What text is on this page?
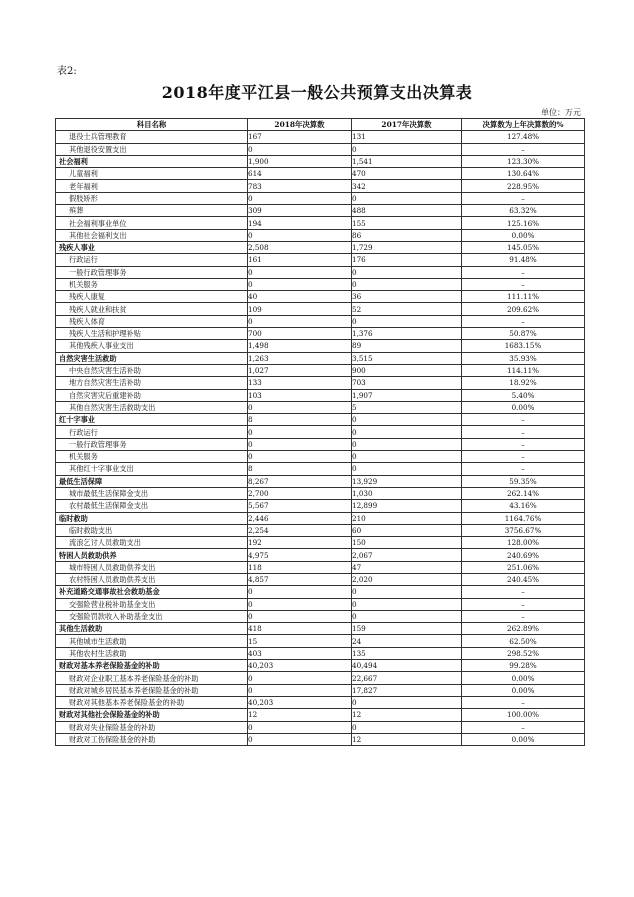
表2:
2018年度平江县一般公共预算支出决算表
单位：万元
科目名称	2018年决算数	2017年决算数	决算数为上年决算数的%
退役士兵管理教育	167	131	127.48%
其他退役安置支出	0	0	–
社会福利	1,900	1,541	123.30%
儿童福利	614	470	130.64%
老年福利	783	342	228.95%
假肢矫形	0	0	–
殡葬	309	488	63.32%
社会福利事业单位	194	155	125.16%
其他社会福利支出	0	86	0.00%
残疾人事业	2,508	1,729	145.05%
行政运行	161	176	91.48%
一般行政管理事务	0	0	–
机关服务	0	0	–
残疾人康复	40	36	111.11%
残疾人就业和扶贫	109	52	209.62%
残疾人体育	0	0	–
残疾人生活和护理补贴	700	1,376	50.87%
其他残疾人事业支出	1,498	89	1683.15%
自然灾害生活救助	1,263	3,515	35.93%
中央自然灾害生活补助	1,027	900	114.11%
地方自然灾害生活补助	133	703	18.92%
自然灾害灾后重建补助	103	1,907	5.40%
其他自然灾害生活救助支出	0	5	0.00%
红十字事业	8	0	–
行政运行	0	0	–
一般行政管理事务	0	0	–
机关服务	0	0	–
其他红十字事业支出	8	0	–
最低生活保障	8,267	13,929	59.35%
城市最低生活保障金支出	2,700	1,030	262.14%
农村最低生活保障金支出	5,567	12,899	43.16%
临时救助	2,446	210	1164.76%
临时救助支出	2,254	60	3756.67%
流浪乞讨人员救助支出	192	150	128.00%
特困人员救助供养	4,975	2,067	240.69%
城市特困人员救助供养支出	118	47	251.06%
农村特困人员救助供养支出	4,857	2,020	240.45%
补充道路交通事故社会救助基金	0	0	–
交强险营业税补助基金支出	0	0	–
交强险罚款收入补助基金支出	0	0	–
其他生活救助	418	159	262.89%
其他城市生活救助	15	24	62.50%
其他农村生活救助	403	135	298.52%
财政对基本养老保险基金的补助	40,203	40,494	99.28%
财政对企业职工基本养老保险基金的补助	0	22,667	0.00%
财政对城乡居民基本养老保险基金的补助	0	17,827	0.00%
财政对其他基本养老保险基金的补助	40,203	0	–
财政对其他社会保险基金的补助	12	12	100.00%
财政对失业保险基金的补助	0	0	–
财政对工伤保险基金的补助	0	12	0.00%
